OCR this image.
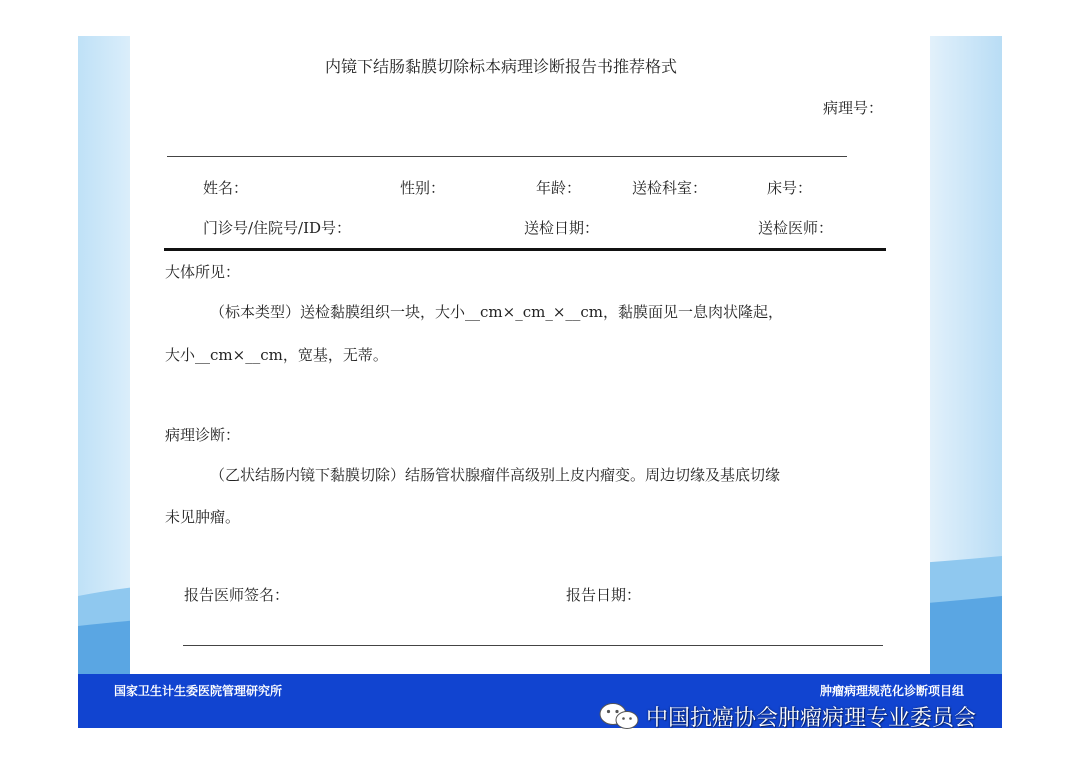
内镜下结肠黏膜切除标本病理诊断报告书推荐格式
病理号：
姓名：	性别：	年龄：	送检科室：	床号：
门诊号/住院号/ID号：	送检日期：	送检医师：
大体所见：
（标本类型）送检黏膜组织一块，大小__cm×_cm_×__cm，黏膜面见一息肉状隆起，
大小__cm×__cm，宽基，无蒂。
病理诊断：
（乙状结肠内镜下黏膜切除）结肠管状腺瘤伴高级别上皮内瘤变。周边切缘及基底切缘
未见肿瘤。
报告医师签名：	报告日期：
国家卫生计生委医院管理研究所	肿瘤病理规范化诊断项目组
中国抗癌协会肿瘤病理专业委员会
